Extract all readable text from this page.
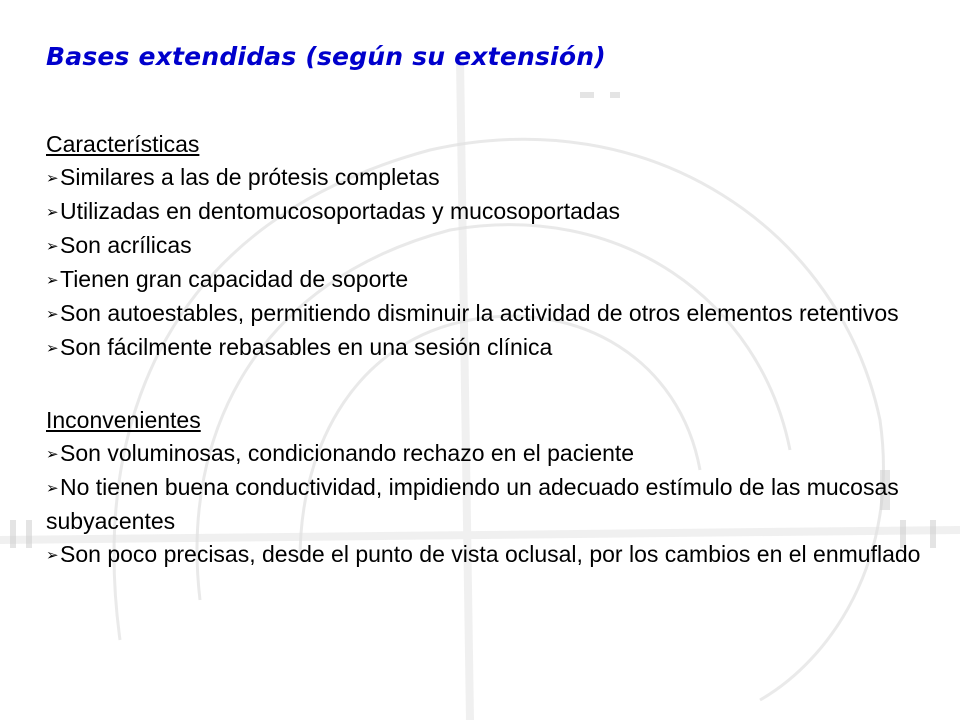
Bases extendidas (según su extensión)

Características

➢Similares a las de prótesis completas
➢Utilizadas en dentomucosoportadas y mucosoportadas
➢Son acrílicas
➢Tienen gran capacidad de soporte
➢Son autoestables, permitiendo disminuir la actividad de otros elementos retentivos
➢Son fácilmente rebasables en una sesión clínica

Inconvenientes

➢Son voluminosas, condicionando rechazo en el paciente
➢No tienen buena conductividad, impidiendo un adecuado estímulo de las mucosas subyacentes
➢Son poco precisas, desde el punto de vista oclusal, por los cambios en el enmuflado
